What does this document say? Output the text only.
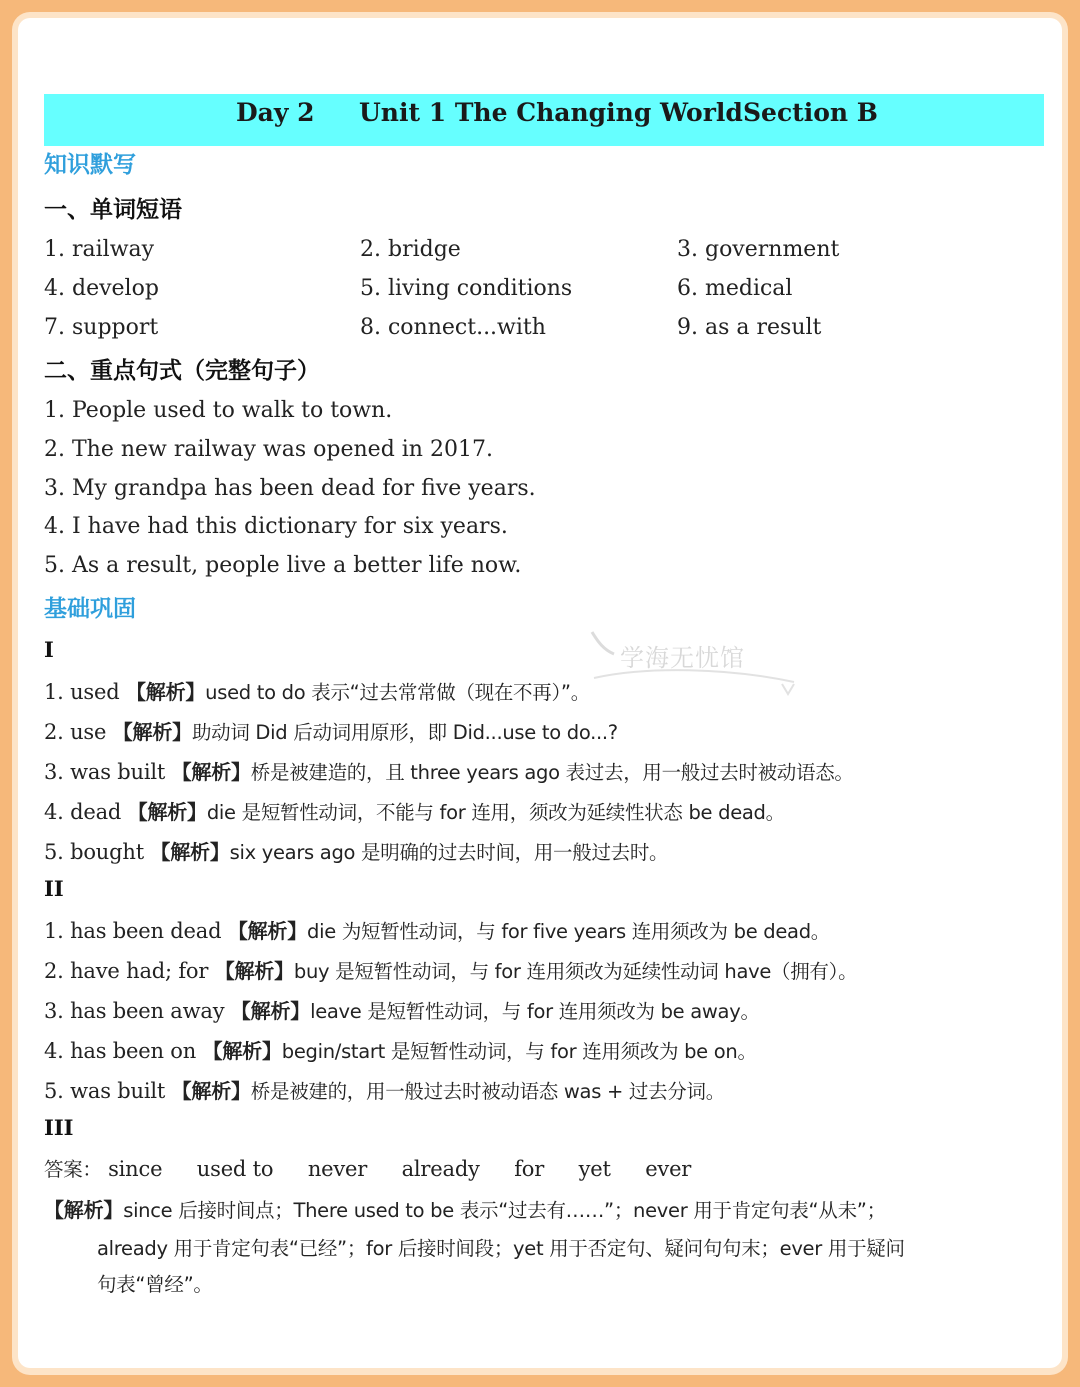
Day 2 Unit 1 The Changing World Section B
知识默写
一、单词短语
1. railway	2. bridge	3. government
4. develop	5. living conditions	6. medical
7. support	8. connect...with	9. as a result
二、重点句式（完整句子）
1. People used to walk to town.
2. The new railway was opened in 2017.
3. My grandpa has been dead for five years.
4. I have had this dictionary for six years.
5. As a result, people live a better life now.
基础巩固
学海无忧馆
I
1. used 【解析】used to do 表示“过去常常做（现在不再）”。
2. use 【解析】助动词 Did 后动词用原形，即 Did...use to do...?
3. was built 【解析】桥是被建造的，且 three years ago 表过去，用一般过去时被动语态。
4. dead 【解析】die 是短暂性动词，不能与 for 连用，须改为延续性状态 be dead。
5. bought 【解析】six years ago 是明确的过去时间，用一般过去时。
II
1. has been dead 【解析】die 为短暂性动词，与 for five years 连用须改为 be dead。
2. have had; for 【解析】buy 是短暂性动词，与 for 连用须改为延续性动词 have（拥有）。
3. has been away 【解析】leave 是短暂性动词，与 for 连用须改为 be away。
4. has been on 【解析】begin/start 是短暂性动词，与 for 连用须改为 be on。
5. was built 【解析】桥是被建的，用一般过去时被动语态 was + 过去分词。
III
答案： since used to never already for yet ever
【解析】since 后接时间点；There used to be 表示“过去有……”；never 用于肯定句表“从未”；
already 用于肯定句表“已经”；for 后接时间段；yet 用于否定句、疑问句句末；ever 用于疑问
句表“曾经”。
